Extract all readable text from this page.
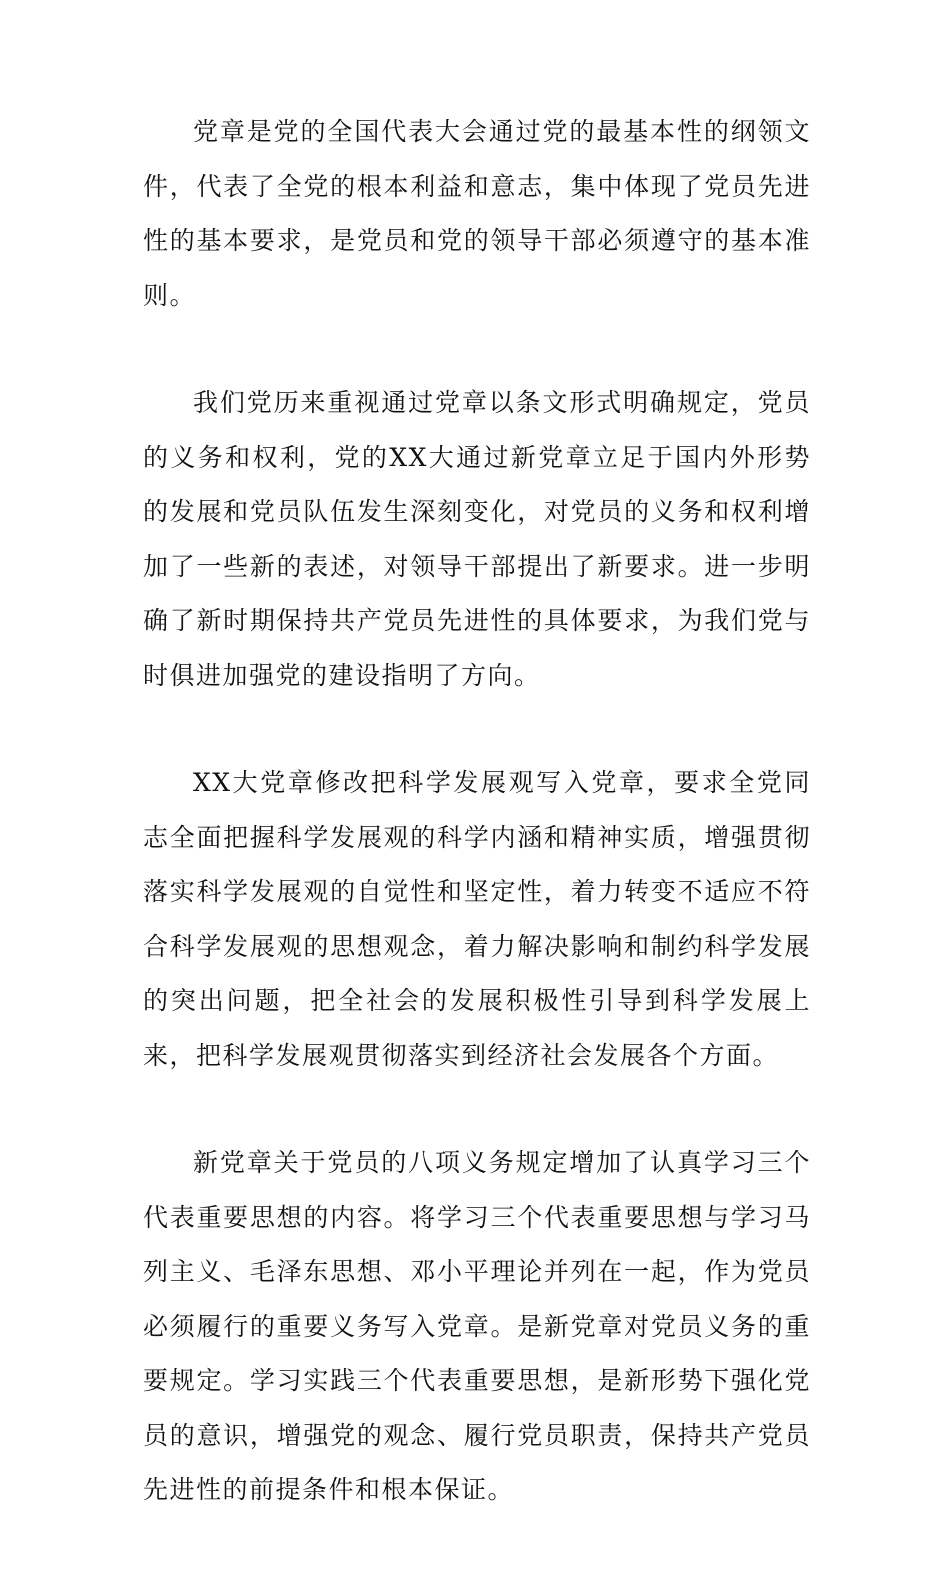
党章是党的全国代表大会通过党的最基本性的纲领文件，代表了全党的根本利益和意志，集中体现了党员先进性的基本要求，是党员和党的领导干部必须遵守的基本准则。

我们党历来重视通过党章以条文形式明确规定，党员的义务和权利，党的XX大通过新党章立足于国内外形势的发展和党员队伍发生深刻变化，对党员的义务和权利增加了一些新的表述，对领导干部提出了新要求。进一步明确了新时期保持共产党员先进性的具体要求，为我们党与时俱进加强党的建设指明了方向。

XX大党章修改把科学发展观写入党章，要求全党同志全面把握科学发展观的科学内涵和精神实质，增强贯彻落实科学发展观的自觉性和坚定性，着力转变不适应不符合科学发展观的思想观念，着力解决影响和制约科学发展的突出问题，把全社会的发展积极性引导到科学发展上来，把科学发展观贯彻落实到经济社会发展各个方面。

新党章关于党员的八项义务规定增加了认真学习三个代表重要思想的内容。将学习三个代表重要思想与学习马列主义、毛泽东思想、邓小平理论并列在一起，作为党员必须履行的重要义务写入党章。是新党章对党员义务的重要规定。学习实践三个代表重要思想，是新形势下强化党员的意识，增强党的观念、履行党员职责，保持共产党员先进性的前提条件和根本保证。
